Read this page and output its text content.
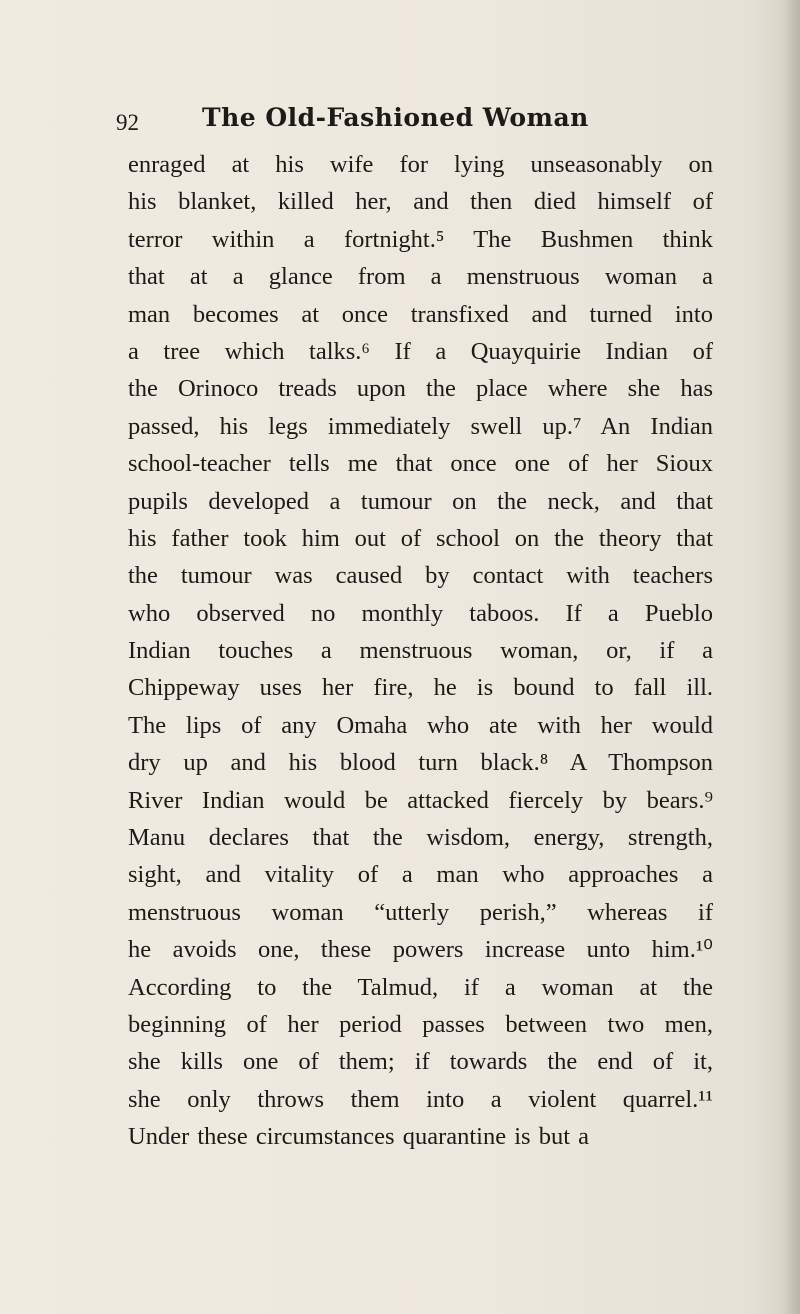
92	The Old-Fashioned Woman
enraged at his wife for lying unseasonably on
his blanket, killed her, and then died himself of
terror within a fortnight.⁵ The Bushmen think
that at a glance from a menstruous woman a
man becomes at once transfixed and turned into
a tree which talks.⁶ If a Quayquirie Indian of
the Orinoco treads upon the place where she has
passed, his legs immediately swell up.⁷ An Indian
school-teacher tells me that once one of her Sioux
pupils developed a tumour on the neck, and that
his father took him out of school on the theory that
the tumour was caused by contact with teachers
who observed no monthly taboos. If a Pueblo
Indian touches a menstruous woman, or, if a
Chippeway uses her fire, he is bound to fall ill.
The lips of any Omaha who ate with her would
dry up and his blood turn black.⁸ A Thompson
River Indian would be attacked fiercely by bears.⁹
Manu declares that the wisdom, energy, strength,
sight, and vitality of a man who approaches a
menstruous woman “utterly perish,” whereas if
he avoids one, these powers increase unto him.¹⁰
According to the Talmud, if a woman at the
beginning of her period passes between two men,
she kills one of them; if towards the end of it,
she only throws them into a violent quarrel.¹¹
Under these circumstances quarantine is but a
